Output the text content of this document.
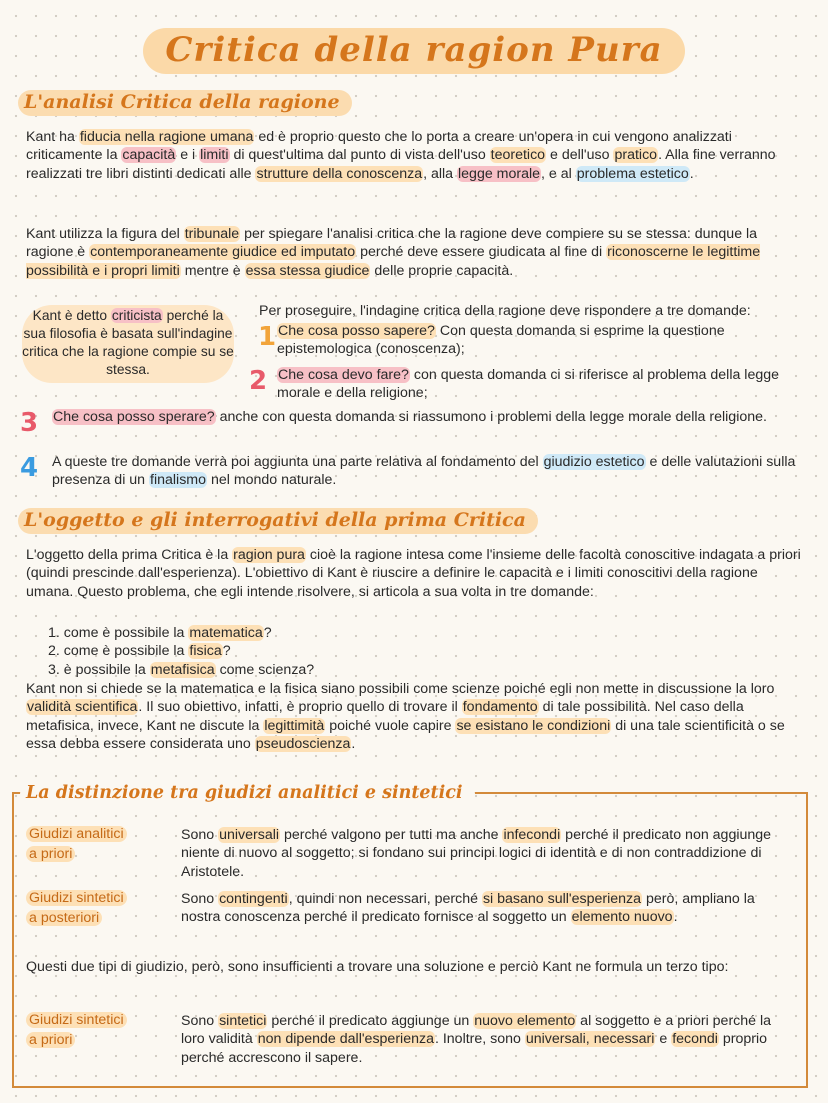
Critica della ragion Pura
L'analisi Critica della ragione

Kant ha fiducia nella ragione umana ed è proprio questo che lo porta a creare un'opera in cui vengono analizzati criticamente la capacità e i limiti di quest'ultima dal punto di vista dell'uso teoretico e dell'uso pratico. Alla fine verranno realizzati tre libri distinti dedicati alle strutture della conoscenza, alla legge morale, e al problema estetico.

Kant utilizza la figura del tribunale per spiegare l'analisi critica che la ragione deve compiere su se stessa: dunque la ragione è contemporaneamente giudice ed imputato perché deve essere giudicata al fine di riconoscerne le legittime possibilità e i propri limiti mentre è essa stessa giudice delle proprie capacità.

Kant è detto criticista perché la sua filosofia è basata sull'indagine critica che la ragione compie su se stessa.

Per proseguire, l'indagine critica della ragione deve rispondere a tre domande:

1 Che cosa posso sapere? Con questa domanda si esprime la questione epistemologica (conoscenza);

2 Che cosa devo fare? con questa domanda ci si riferisce al problema della legge morale e della religione;

3 Che cosa posso sperare? anche con questa domanda si riassumono i problemi della legge morale della religione.

4 A queste tre domande verrà poi aggiunta una parte relativa al fondamento del giudizio estetico e delle valutazioni sulla presenza di un finalismo nel mondo naturale.

L'oggetto e gli interrogativi della prima Critica

L'oggetto della prima Critica è la ragion pura cioè la ragione intesa come l'insieme delle facoltà conoscitive indagata a priori (quindi prescinde dall'esperienza). L'obiettivo di Kant è riuscire a definire le capacità e i limiti conoscitivi della ragione umana. Questo problema, che egli intende risolvere, si articola a sua volta in tre domande:

1. come è possibile la matematica?
2. come è possibile la fisica?
3. è possibile la metafisica come scienza?

Kant non si chiede se la matematica e la fisica siano possibili come scienze poiché egli non mette in discussione la loro validità scientifica. Il suo obiettivo, infatti, è proprio quello di trovare il fondamento di tale possibilità. Nel caso della metafisica, invece, Kant ne discute la legittimità poiché vuole capire se esistano le condizioni di una tale scientificità o se essa debba essere considerata uno pseudoscienza.

La distinzione tra giudizi analitici e sintetici
Giudizi analitici
a priori

Sono universali perché valgono per tutti ma anche infecondi perché il predicato non aggiunge niente di nuovo al soggetto; si fondano sui principi logici di identità e di non contraddizione di Aristotele.

Giudizi sintetici
a posteriori

Sono contingenti, quindi non necessari, perché si basano sull'esperienza però, ampliano la nostra conoscenza perché il predicato fornisce al soggetto un elemento nuovo.

Questi due tipi di giudizio, però, sono insufficienti a trovare una soluzione e perciò Kant ne formula un terzo tipo:

Giudizi sintetici
a priori

Sono sintetici perché il predicato aggiunge un nuovo elemento al soggetto e a priori perché la loro validità non dipende dall'esperienza. Inoltre, sono universali, necessari e fecondi proprio perché accrescono il sapere.
